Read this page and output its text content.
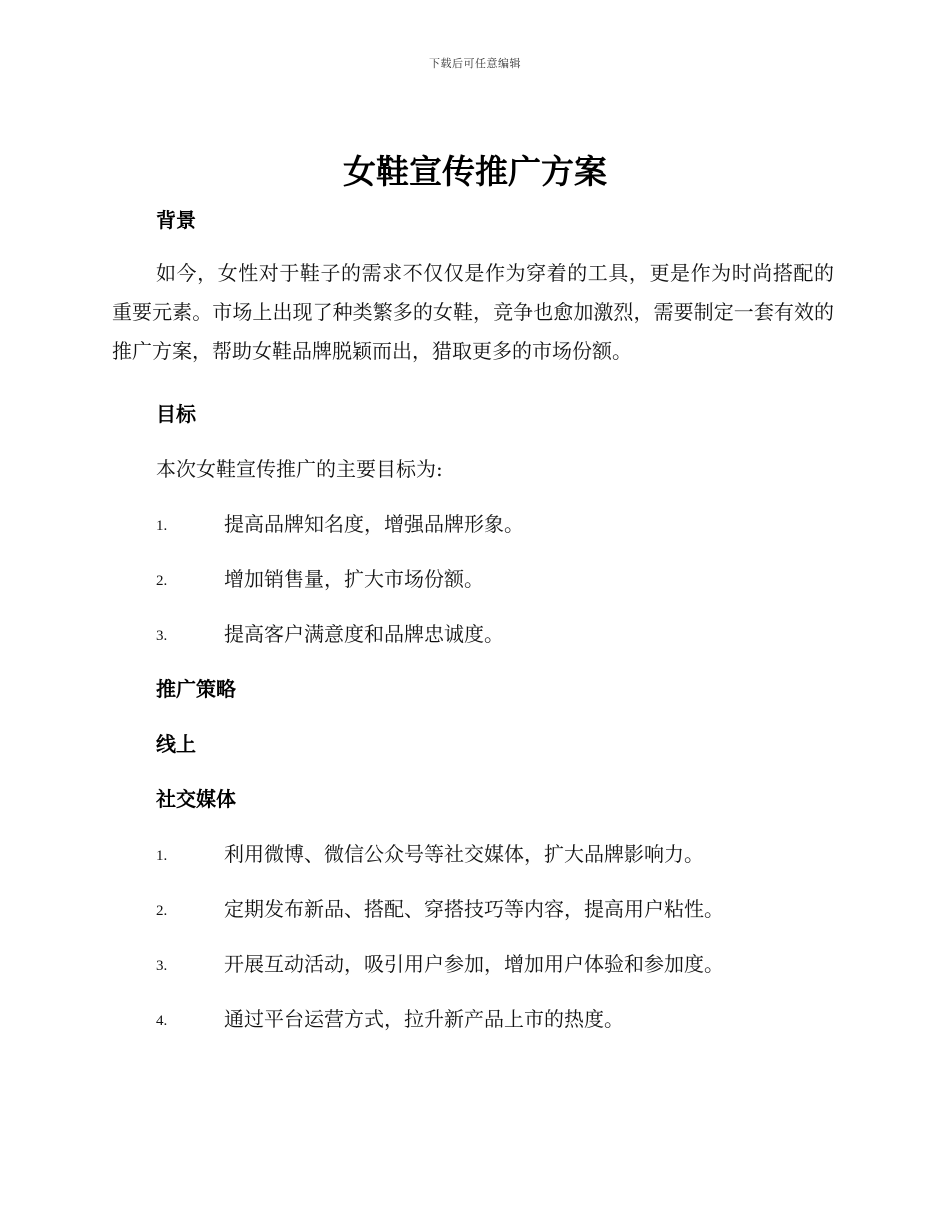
下载后可任意编辑
女鞋宣传推广方案
背景

如今，女性对于鞋子的需求不仅仅是作为穿着的工具，更是作为时尚搭配的重要元素。市场上出现了种类繁多的女鞋，竞争也愈加激烈，需要制定一套有效的推广方案，帮助女鞋品牌脱颖而出，猎取更多的市场份额。

目标

本次女鞋宣传推广的主要目标为:

1.	提高品牌知名度，增强品牌形象。
2.	增加销售量，扩大市场份额。
3.	提高客户满意度和品牌忠诚度。
推广策略
线上
社交媒体
1.	利用微博、微信公众号等社交媒体，扩大品牌影响力。
2.	定期发布新品、搭配、穿搭技巧等内容，提高用户粘性。
3.	开展互动活动，吸引用户参加，增加用户体验和参加度。
4.	通过平台运营方式，拉升新产品上市的热度。
